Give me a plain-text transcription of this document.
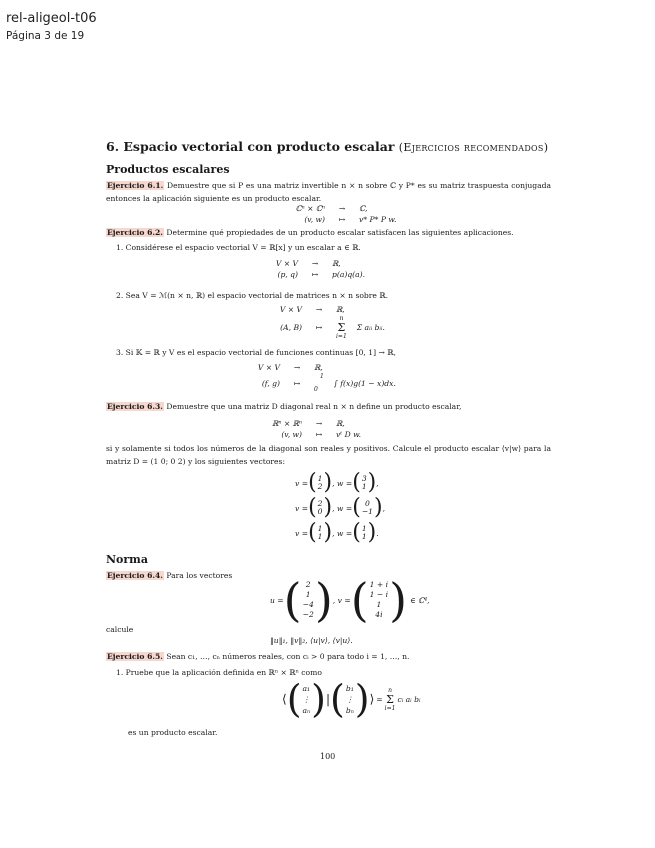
rel-aligeol-t06
Página 3 de 19
6. Espacio vectorial con producto escalar (Ejercicios recomendados)
Productos escalares
Ejercicio 6.1. Demuestre que si P es una matriz invertible n × n sobre ℂ y P* es su matriz traspuesta conjugada entonces la aplicación siguiente es un producto escalar.
ℂⁿ × ℂⁿ	→	ℂ,
(v, w)	↦	v* P* P w.
Ejercicio 6.2. Determine qué propiedades de un producto escalar satisfacen las siguientes aplicaciones.
1. Considérese el espacio vectorial V = ℝ[x] y un escalar a ∈ ℝ.
V × V	→	ℝ,
(p, q)	↦	p(a)q(a).
2. Sea V = ℳ(n × n, ℝ) el espacio vectorial de matrices n × n sobre ℝ.
V × V	→	ℝ,
(A, B)	↦
n
Σ
i=1
Σ aᵢᵢ bᵢᵢ.
3. Si 𝕂 = ℝ y V es el espacio vectorial de funciones continuas [0, 1] → ℝ,
V × V	→	ℝ,
(f, g)	↦
1
0
∫ f(x)g(1 − x)dx.
Ejercicio 6.3. Demuestre que una matriz D diagonal real n × n define un producto escalar,
ℝⁿ × ℝⁿ	→	ℝ,
(v, w)	↦	vᵗ D w.
si y solamente si todos los números de la diagonal son reales y positivos. Calcule el producto escalar ⟨v|w⟩ para la matriz D = (1 0; 0 2) y los siguientes vectores:
v = ( 1
2 ) , w = ( 3
1 ) ,
v = ( 2
0 ) , w = ( 0
−1 ) ,
v = ( 1
1 ) , w = ( 1
1 ) .
Norma
Ejercicio 6.4. Para los vectores
u = ( 2
1
−4
−2 ) , v = ( 1 + i
1 − i
1
4i ) ∈ ℂ⁴,
calcule
‖u‖₁, ‖v‖₂, ⟨u|v⟩, ⟨v|u⟩.
Ejercicio 6.5. Sean c₁, …, cₙ números reales, con cᵢ > 0 para todo i = 1, …, n.
1. Pruebe que la aplicación definida en ℝⁿ × ℝⁿ como
⟨ ( a₁
⋮
aₙ ) | ( b₁
⋮
bₙ ) ⟩ =
n
Σ
i=1
cᵢ aᵢ bᵢ
es un producto escalar.
100
